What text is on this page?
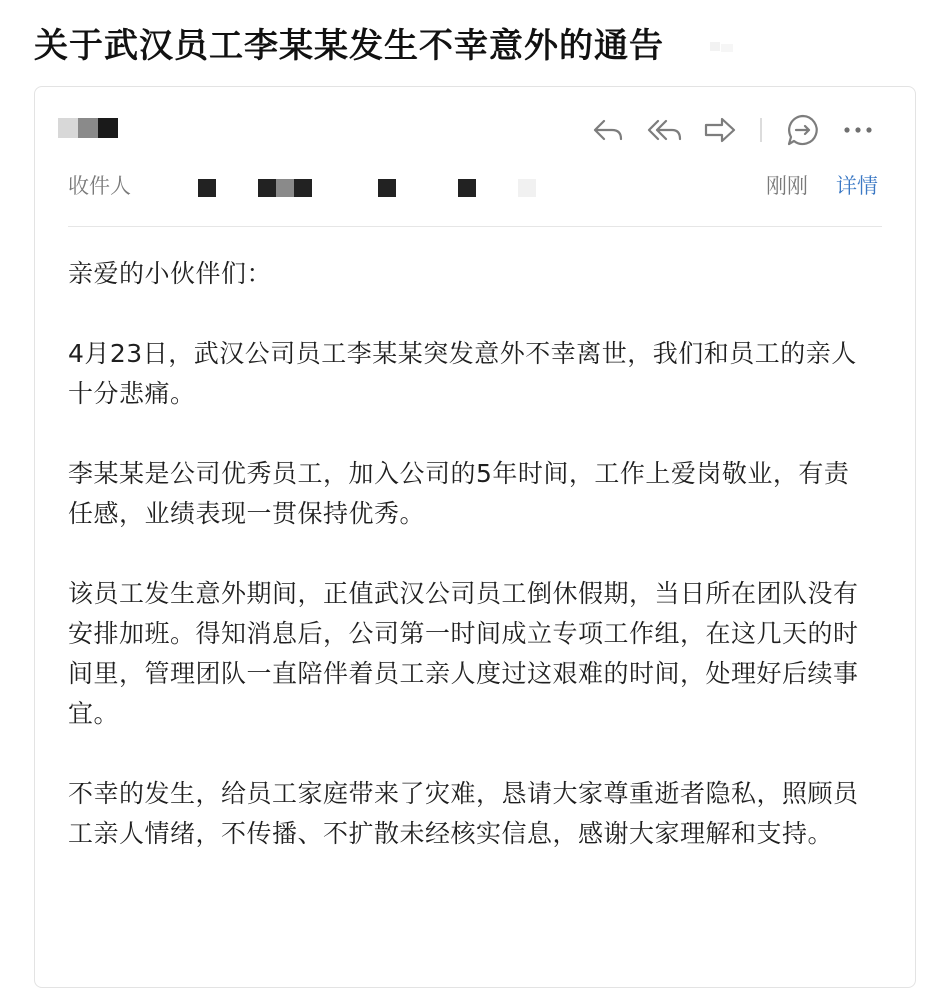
关于武汉员工李某某发生不幸意外的通告
收件人	刚刚 详情

亲爱的小伙伴们：

4月23日，武汉公司员工李某某突发意外不幸离世，我们和员工的亲人十分悲痛。

李某某是公司优秀员工，加入公司的5年时间，工作上爱岗敬业，有责任感，业绩表现一贯保持优秀。

该员工发生意外期间，正值武汉公司员工倒休假期，当日所在团队没有安排加班。得知消息后，公司第一时间成立专项工作组，在这几天的时间里，管理团队一直陪伴着员工亲人度过这艰难的时间，处理好后续事宜。

不幸的发生，给员工家庭带来了灾难，恳请大家尊重逝者隐私，照顾员工亲人情绪，不传播、不扩散未经核实信息，感谢大家理解和支持。
